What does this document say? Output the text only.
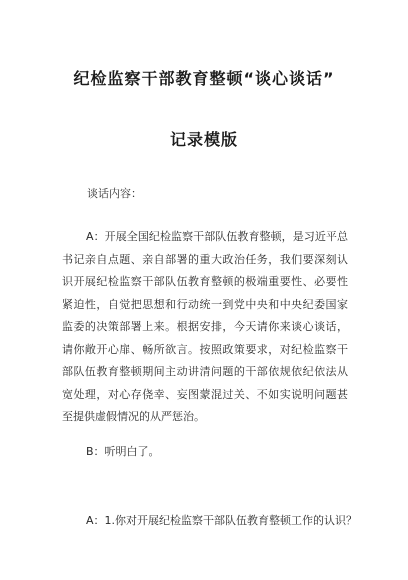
纪检监察干部教育整顿“谈心谈话”
记录模版
谈话内容：
A：开展全国纪检监察干部队伍教育整顿，是习近平总
书记亲自点题、亲自部署的重大政治任务，我们要深刻认
识开展纪检监察干部队伍教育整顿的极端重要性、必要性
紧迫性，自觉把思想和行动统一到党中央和中央纪委国家
监委的决策部署上来。根据安排，今天请你来谈心谈话，
请你敞开心扉、畅所欲言。按照政策要求，对纪检监察干
部队伍教育整顿期间主动讲清问题的干部依规依纪依法从
宽处理，对心存侥幸、妄图蒙混过关、不如实说明问题甚
至提供虚假情况的从严惩治。
B：听明白了。
A：1.你对开展纪检监察干部队伍教育整顿工作的认识？
